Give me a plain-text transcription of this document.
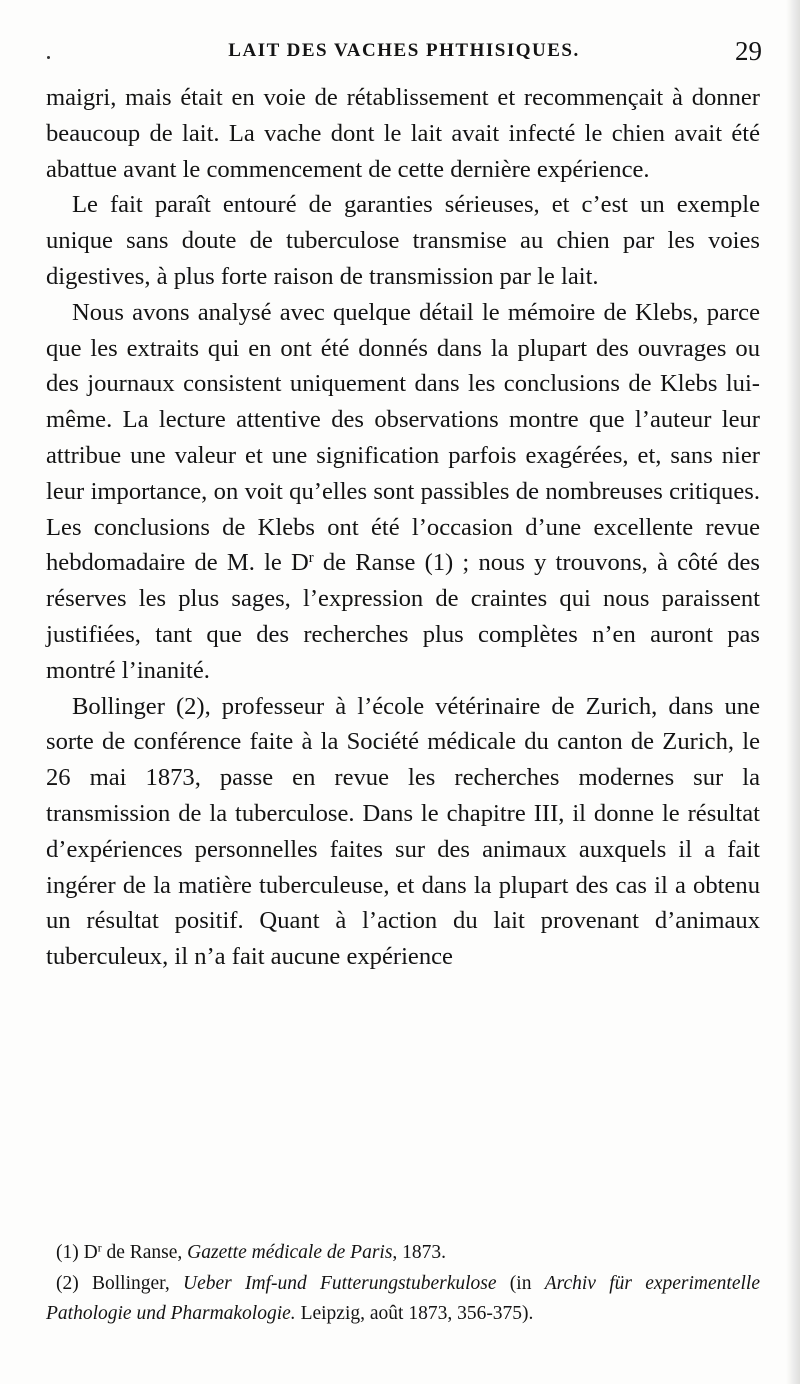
LAIT DES VACHES PHTHISIQUES.	29

maigri, mais était en voie de rétablissement et recommençait à donner beaucoup de lait. La vache dont le lait avait infecté le chien avait été abattue avant le commencement de cette dernière expérience.

Le fait paraît entouré de garanties sérieuses, et c’est un exemple unique sans doute de tuberculose transmise au chien par les voies digestives, à plus forte raison de transmission par le lait.

Nous avons analysé avec quelque détail le mémoire de Klebs, parce que les extraits qui en ont été donnés dans la plupart des ouvrages ou des journaux consistent uniquement dans les conclusions de Klebs lui-même. La lecture attentive des observations montre que l’auteur leur attribue une valeur et une signification parfois exagérées, et, sans nier leur importance, on voit qu’elles sont passibles de nombreuses critiques. Les conclusions de Klebs ont été l’occasion d’une excellente revue hebdomadaire de M. le $D^r$ de Ranse (1) ; nous y trouvons, à côté des réserves les plus sages, l’expression de craintes qui nous paraissent justifiées, tant que des recherches plus complètes n’en auront pas montré l’inanité.

Bollinger (2), professeur à l’école vétérinaire de Zurich, dans une sorte de conférence faite à la Société médicale du canton de Zurich, le 26 mai 1873, passe en revue les recherches modernes sur la transmission de la tuberculose. Dans le chapitre III, il donne le résultat d’expériences personnelles faites sur des animaux auxquels il a fait ingérer de la matière tuberculeuse, et dans la plupart des cas il a obtenu un résultat positif. Quant à l’action du lait provenant d’animaux tuberculeux, il n’a fait aucune expérience

(1) $D^r$ de Ranse, Gazette médicale de Paris, 1873.

(2) Bollinger, Ueber Imf-und Futterungstuberkulose (in Archiv für experimentelle Pathologie und Pharmakologie. Leipzig, août 1873, 356-375).
